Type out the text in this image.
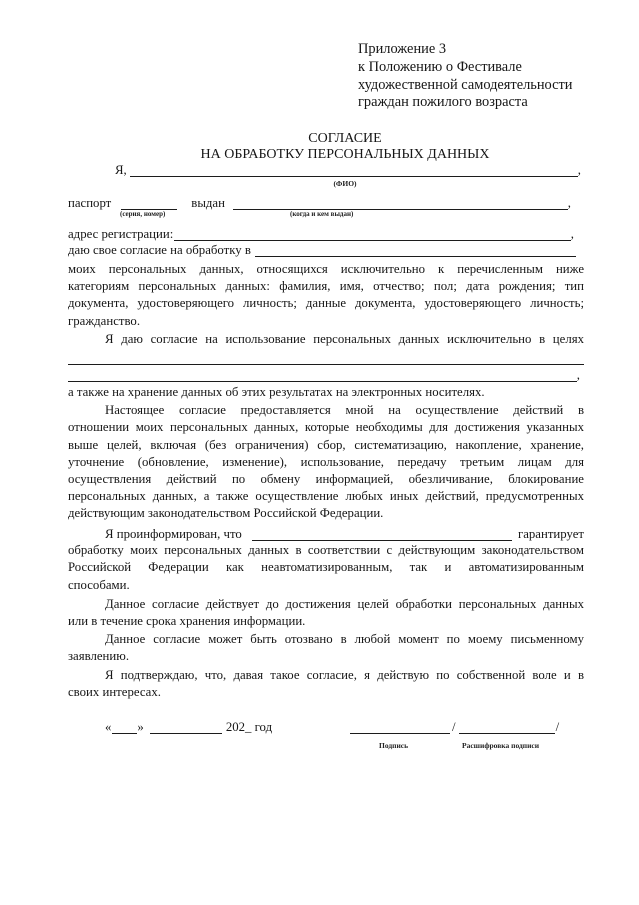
Приложение 3
к Положению о Фестивале
художественной самодеятельности
граждан пожилого возраста
СОГЛАСИЕ
НА ОБРАБОТКУ ПЕРСОНАЛЬНЫХ ДАННЫХ
Я,	,
(ФИО)
паспорт	выдан	,
(серия, номер)	(когда и кем выдан)
адрес регистрации:	,
даю свое согласие на обработку в
моих персональных данных, относящихся исключительно к перечисленным ниже
категориям персональных данных: фамилия, имя, отчество; пол; дата рождения; тип
документа, удостоверяющего личность; данные документа, удостоверяющего личность;
гражданство.
Я даю согласие на использование персональных данных исключительно в целях
,
а также на хранение данных об этих результатах на электронных носителях.
Настоящее согласие предоставляется мной на осуществление действий в
отношении моих персональных данных, которые необходимы для достижения указанных
выше целей, включая (без ограничения) сбор, систематизацию, накопление, хранение,
уточнение (обновление, изменение), использование, передачу третьим лицам для
осуществления действий по обмену информацией, обезличивание, блокирование
персональных данных, а также осуществление любых иных действий, предусмотренных
действующим законодательством Российской Федерации.
Я проинформирован, что	гарантирует
обработку моих персональных данных в соответствии с действующим законодательством
Российской Федерации как неавтоматизированным, так и автоматизированным
способами.
Данное согласие действует до достижения целей обработки персональных данных
или в течение срока хранения информации.
Данное согласие может быть отозвано в любой момент по моему письменному
заявлению.
Я подтверждаю, что, давая такое согласие, я действую по собственной воле и в
своих интересах.
« »	202_ год	/	/
Подпись	Расшифровка подписи
